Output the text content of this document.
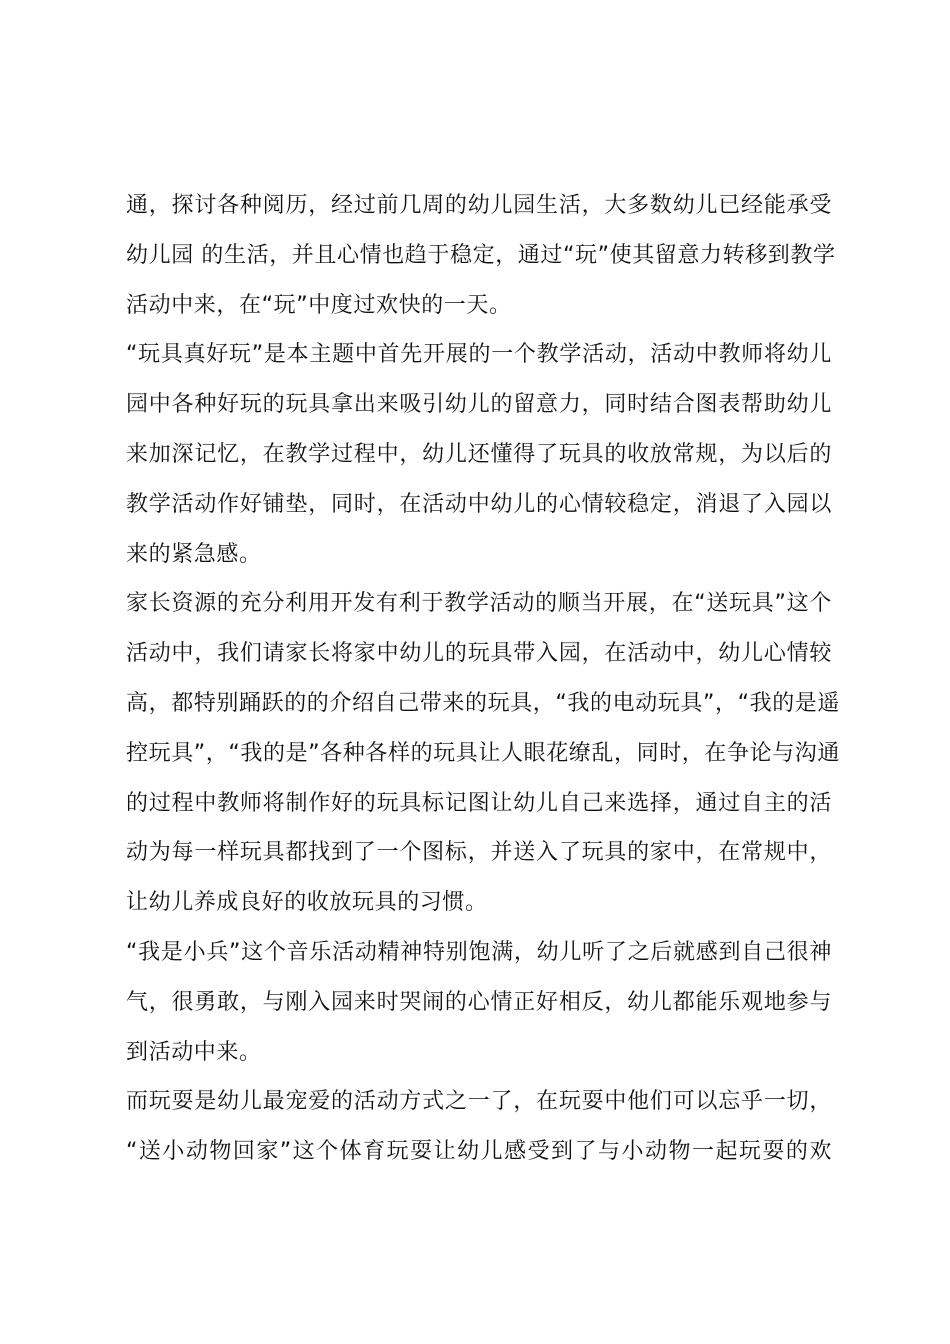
通，探讨各种阅历，经过前几周的幼儿园生活，大多数幼儿已经能承受
幼儿园 的生活，并且心情也趋于稳定，通过“玩”使其留意力转移到教学
活动中来，在“玩”中度过欢快的一天。
“玩具真好玩”是本主题中首先开展的一个教学活动，活动中教师将幼儿
园中各种好玩的玩具拿出来吸引幼儿的留意力，同时结合图表帮助幼儿
来加深记忆，在教学过程中，幼儿还懂得了玩具的收放常规，为以后的
教学活动作好铺垫，同时，在活动中幼儿的心情较稳定，消退了入园以
来的紧急感。
家长资源的充分利用开发有利于教学活动的顺当开展，在“送玩具”这个
活动中，我们请家长将家中幼儿的玩具带入园，在活动中，幼儿心情较
高，都特别踊跃的的介绍自己带来的玩具，“我的电动玩具”，“我的是遥
控玩具”，“我的是”各种各样的玩具让人眼花缭乱，同时，在争论与沟通
的过程中教师将制作好的玩具标记图让幼儿自己来选择，通过自主的活
动为每一样玩具都找到了一个图标，并送入了玩具的家中，在常规中，
让幼儿养成良好的收放玩具的习惯。
“我是小兵”这个音乐活动精神特别饱满，幼儿听了之后就感到自己很神
气，很勇敢，与刚入园来时哭闹的心情正好相反，幼儿都能乐观地参与
到活动中来。
而玩耍是幼儿最宠爱的活动方式之一了，在玩耍中他们可以忘乎一切，
“送小动物回家”这个体育玩耍让幼儿感受到了与小动物一起玩耍的欢
